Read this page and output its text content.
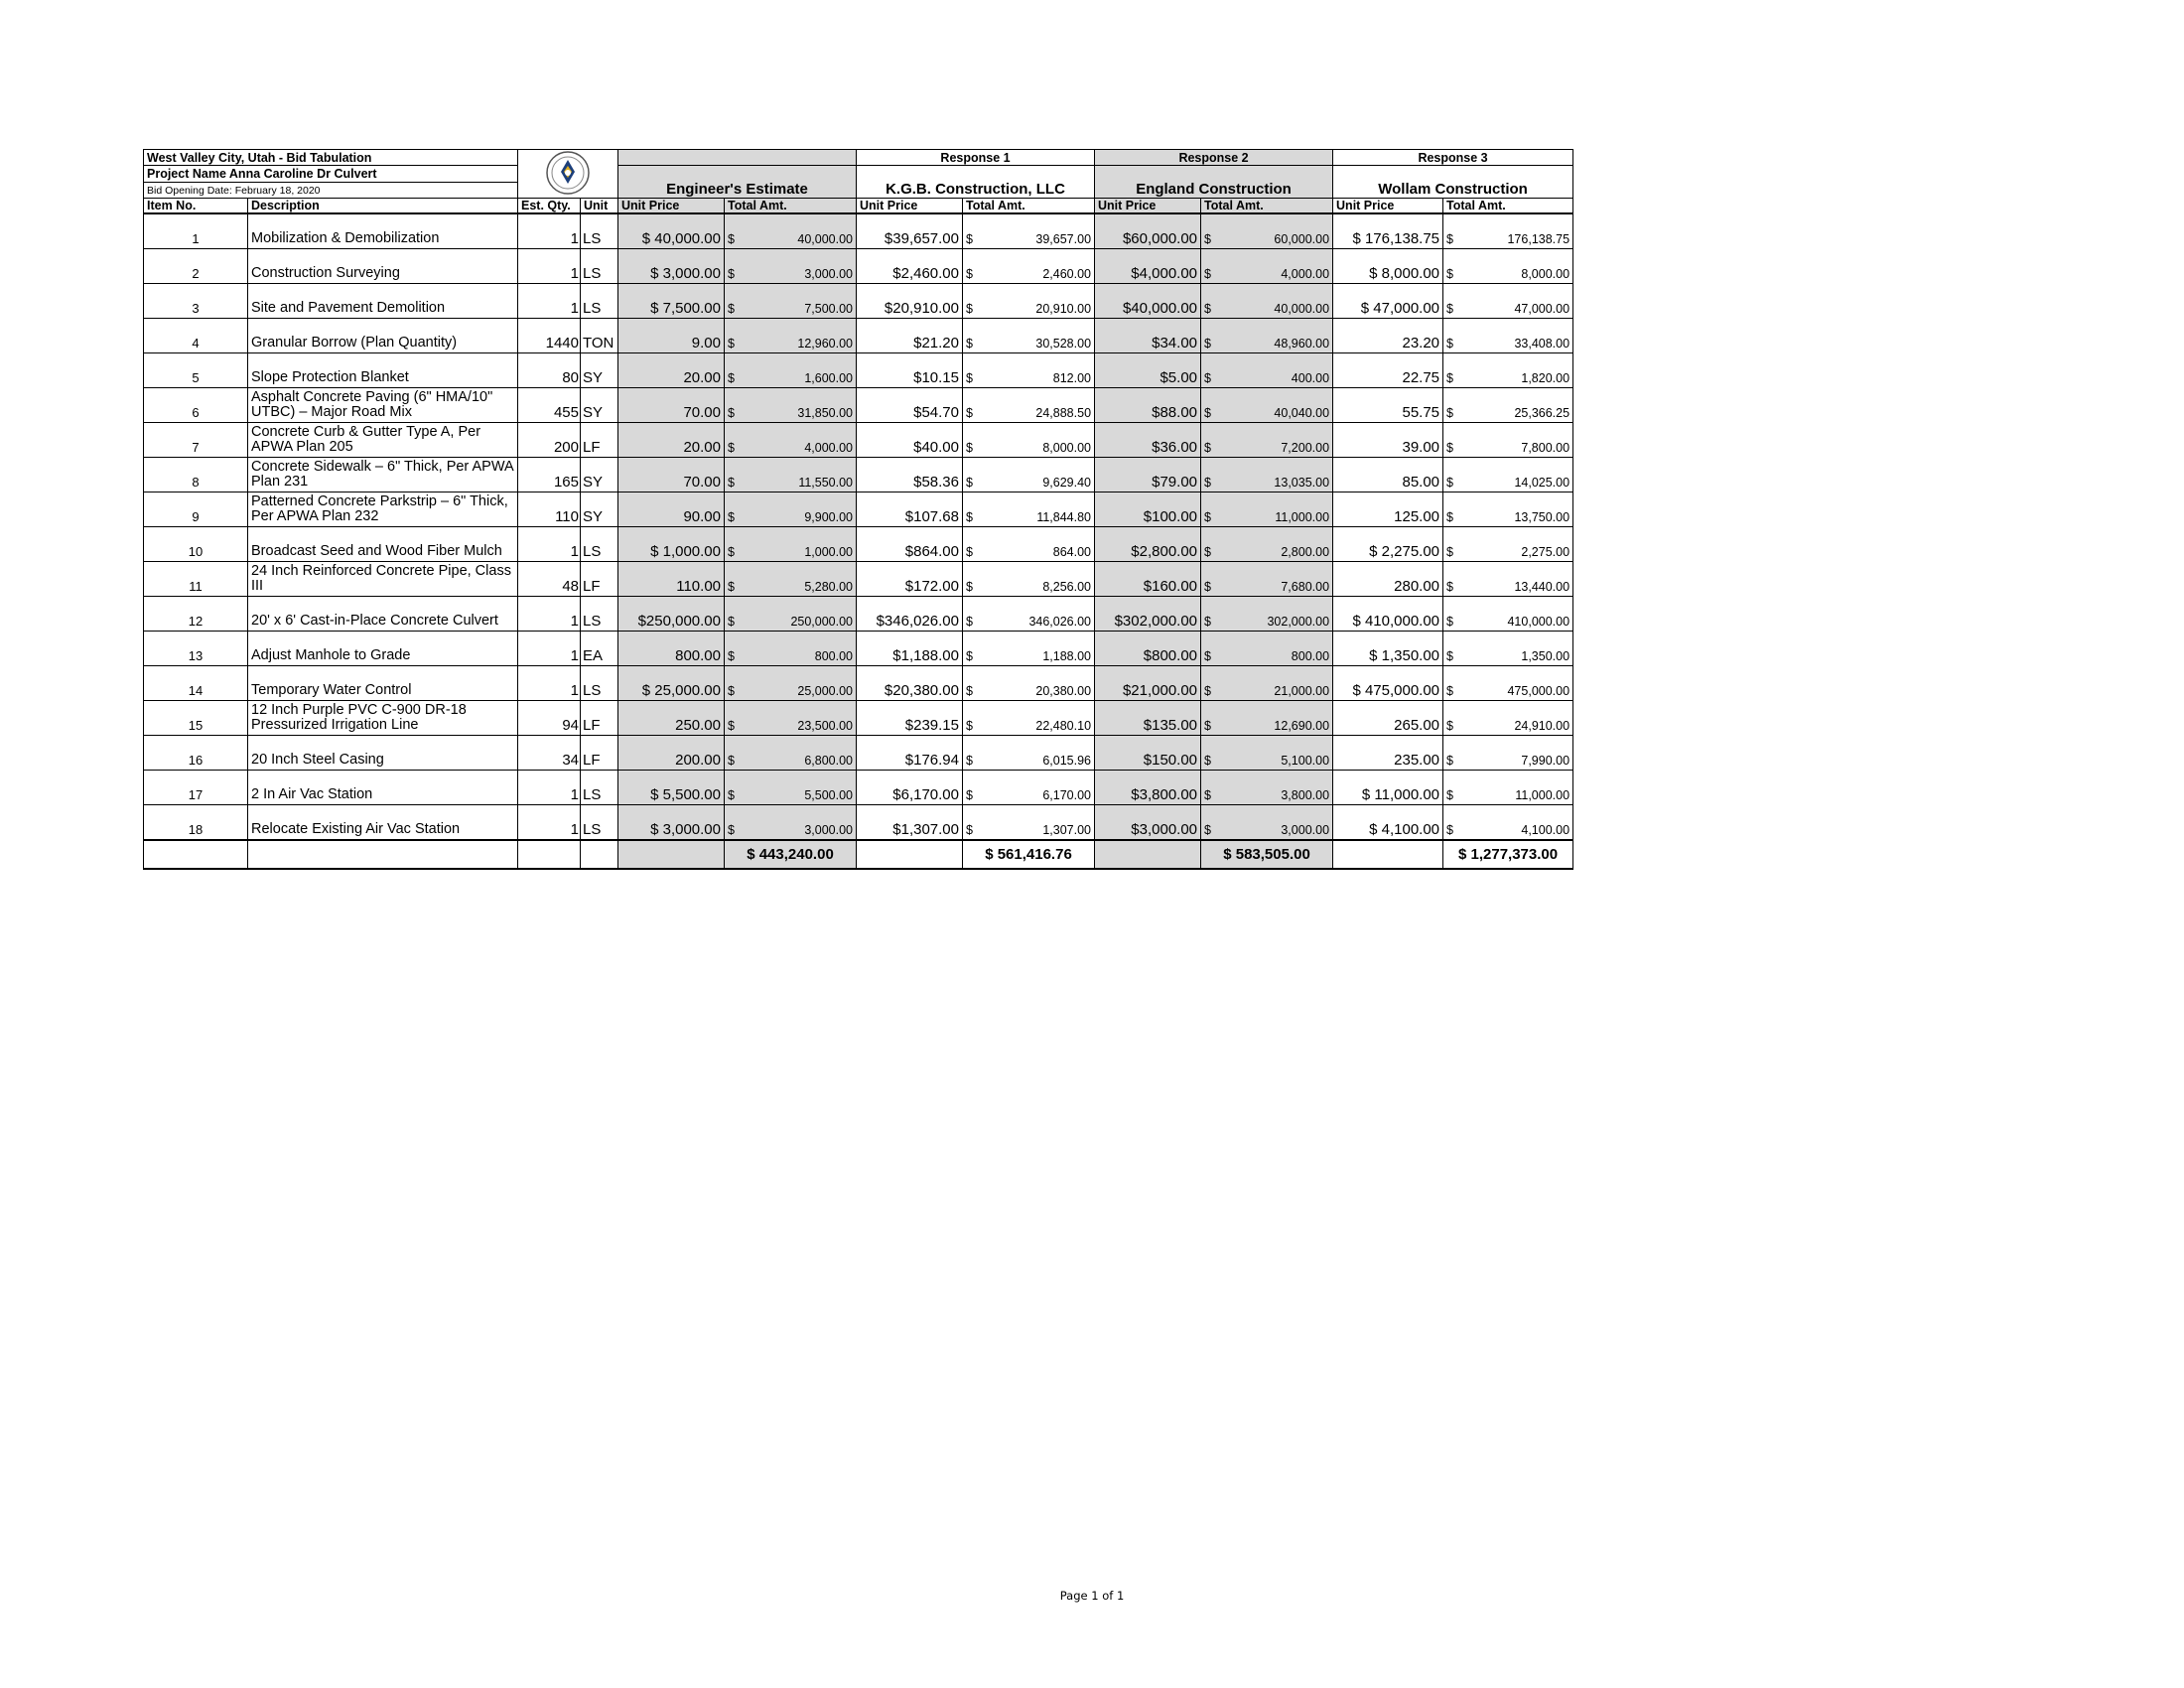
West Valley City, Utah - Bid Tabulation						Response 1		Response 2		Response 3	
Project Name Anna Caroline Dr Culvert				Engineer's Estimate		K.G.B. Construction, LLC		England Construction		Wollam Construction	
Bid Opening Date: February 18, 2020											
Item No.	Description	Est. Qty.	Unit	Unit Price	Total Amt.	Unit Price	Total Amt.	Unit Price	Total Amt.	Unit Price	Total Amt.
1	Mobilization & Demobilization	1	LS	$ 40,000.00	$ 40,000.00	$39,657.00	$ 39,657.00	$60,000.00	$ 60,000.00	$ 176,138.75	$ 176,138.75
2	Construction Surveying	1	LS	$ 3,000.00	$ 3,000.00	$2,460.00	$ 2,460.00	$4,000.00	$ 4,000.00	$ 8,000.00	$ 8,000.00
3	Site and Pavement Demolition	1	LS	$ 7,500.00	$ 7,500.00	$20,910.00	$ 20,910.00	$40,000.00	$ 40,000.00	$ 47,000.00	$ 47,000.00
4	Granular Borrow (Plan Quantity)	1440	TON	9.00	$ 12,960.00	$21.20	$ 30,528.00	$34.00	$ 48,960.00	23.20	$ 33,408.00
5	Slope Protection Blanket	80	SY	20.00	$ 1,600.00	$10.15	$ 812.00	$5.00	$ 400.00	22.75	$ 1,820.00
6	Asphalt Concrete Paving (6" HMA/10" UTBC) – Major Road Mix	455	SY	70.00	$ 31,850.00	$54.70	$ 24,888.50	$88.00	$ 40,040.00	55.75	$ 25,366.25
7	Concrete Curb & Gutter Type A, Per APWA Plan 205	200	LF	20.00	$ 4,000.00	$40.00	$ 8,000.00	$36.00	$ 7,200.00	39.00	$ 7,800.00
8	Concrete Sidewalk – 6" Thick, Per APWA Plan 231	165	SY	70.00	$ 11,550.00	$58.36	$ 9,629.40	$79.00	$ 13,035.00	85.00	$ 14,025.00
9	Patterned Concrete Parkstrip – 6" Thick, Per APWA Plan 232	110	SY	90.00	$ 9,900.00	$107.68	$ 11,844.80	$100.00	$ 11,000.00	125.00	$ 13,750.00
10	Broadcast Seed and Wood Fiber Mulch	1	LS	$ 1,000.00	$ 1,000.00	$864.00	$ 864.00	$2,800.00	$ 2,800.00	$ 2,275.00	$ 2,275.00
11	24 Inch Reinforced Concrete Pipe, Class III	48	LF	110.00	$ 5,280.00	$172.00	$ 8,256.00	$160.00	$ 7,680.00	280.00	$ 13,440.00
12	20' x 6' Cast-in-Place Concrete Culvert	1	LS	$250,000.00	$ 250,000.00	$346,026.00	$ 346,026.00	$302,000.00	$ 302,000.00	$ 410,000.00	$ 410,000.00
13	Adjust Manhole to Grade	1	EA	800.00	$ 800.00	$1,188.00	$ 1,188.00	$800.00	$ 800.00	$ 1,350.00	$ 1,350.00
14	Temporary Water Control	1	LS	$ 25,000.00	$ 25,000.00	$20,380.00	$ 20,380.00	$21,000.00	$ 21,000.00	$ 475,000.00	$ 475,000.00
15	12 Inch Purple PVC C-900 DR-18 Pressurized Irrigation Line	94	LF	250.00	$ 23,500.00	$239.15	$ 22,480.10	$135.00	$ 12,690.00	265.00	$ 24,910.00
16	20 Inch Steel Casing	34	LF	200.00	$ 6,800.00	$176.94	$ 6,015.96	$150.00	$ 5,100.00	235.00	$ 7,990.00
17	2 In Air Vac Station	1	LS	$ 5,500.00	$ 5,500.00	$6,170.00	$ 6,170.00	$3,800.00	$ 3,800.00	$ 11,000.00	$ 11,000.00
18	Relocate Existing Air Vac Station	1	LS	$ 3,000.00	$ 3,000.00	$1,307.00	$ 1,307.00	$3,000.00	$ 3,000.00	$ 4,100.00	$ 4,100.00
					$ 443,240.00		$ 561,416.76		$ 583,505.00		$ 1,277,373.00
Page 1 of 1
